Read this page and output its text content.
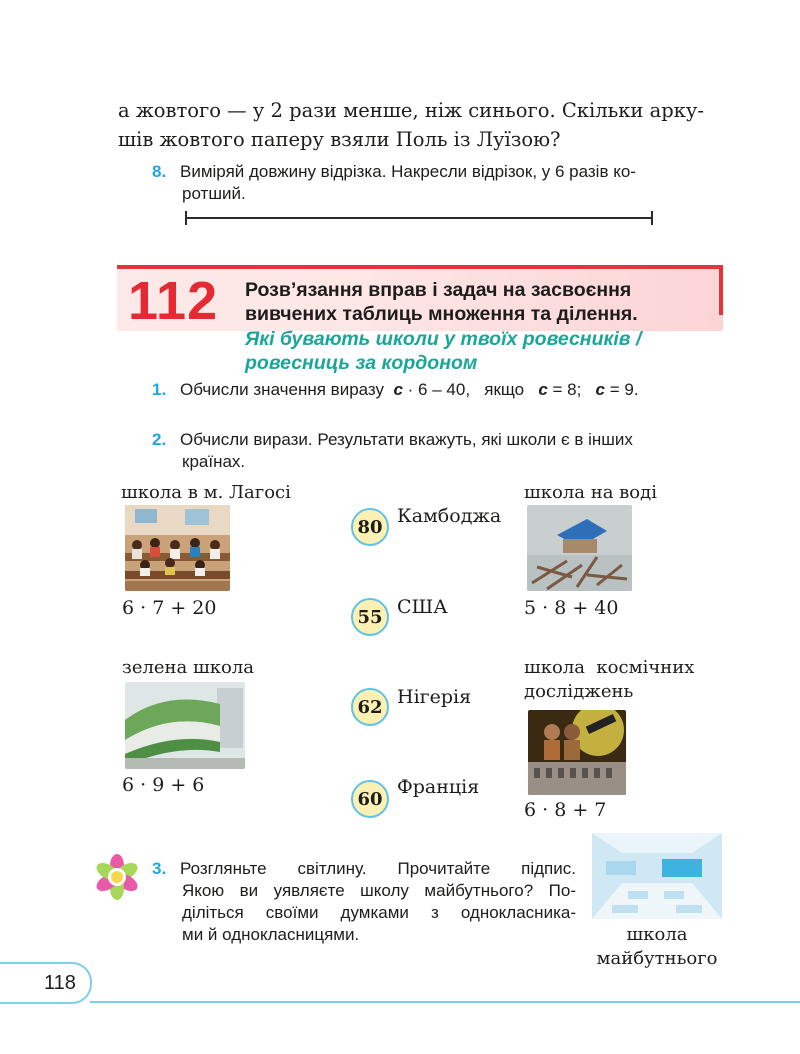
а жовтого — у 2 рази менше, ніж синього. Скільки арку-
шів жовтого паперу взяли Поль із Луїзою?
8. Виміряй довжину відрізка. Накресли відрізок, у 6 разів ко-
ротший.
112 Розв’язання вправ і задач на засвоєння
вивчених таблиць множення та ділення.
Які бувають школи у твоїх ровесників /
ровесниць за кордоном
1. Обчисли значення виразу c · 6 – 40, якщо c = 8; c = 9.
2. Обчисли вирази. Результати вкажуть, які школи є в інших
країнах.
школа в м. Лагосі
6 · 7 + 20
школа на воді
5 · 8 + 40
зелена школа
6 · 9 + 6
школа  космічних
досліджень
6 · 8 + 7
80 Камбоджа
55 США
62 Нігерія
60
Франція
3. Розгляньте світлину. Прочитайте підпис.
Якою ви уявляєте школу майбутнього? По-
діліться своїми думками з однокласника-
ми й однокласницями.	школа
майбутнього
118
